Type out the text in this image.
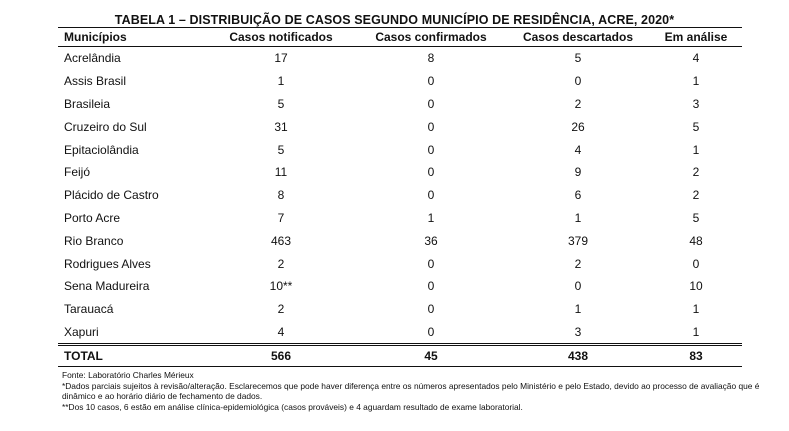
TABELA 1 – DISTRIBUIÇÃO DE CASOS SEGUNDO MUNICÍPIO DE RESIDÊNCIA, ACRE, 2020*
Municípios	Casos notificados	Casos confirmados	Casos descartados	Em análise
Acrelândia	17	8	5	4
Assis Brasil	1	0	0	1
Brasileia	5	0	2	3
Cruzeiro do Sul	31	0	26	5
Epitaciolândia	5	0	4	1
Feijó	11	0	9	2
Plácido de Castro	8	0	6	2
Porto Acre	7	1	1	5
Rio Branco	463	36	379	48
Rodrigues Alves	2	0	2	0
Sena Madureira	10**	0	0	10
Tarauacá	2	0	1	1
Xapuri	4	0	3	1
TOTAL	566	45	438	83
Fonte: Laboratório Charles Mérieux
*Dados parciais sujeitos à revisão/alteração. Esclarecemos que pode haver diferença entre os números apresentados pelo Ministério e pelo Estado, devido ao processo de avaliação que é dinâmico e ao horário diário de fechamento de dados.
**Dos 10 casos, 6 estão em análise clínica-epidemiológica (casos prováveis) e 4 aguardam resultado de exame laboratorial.
